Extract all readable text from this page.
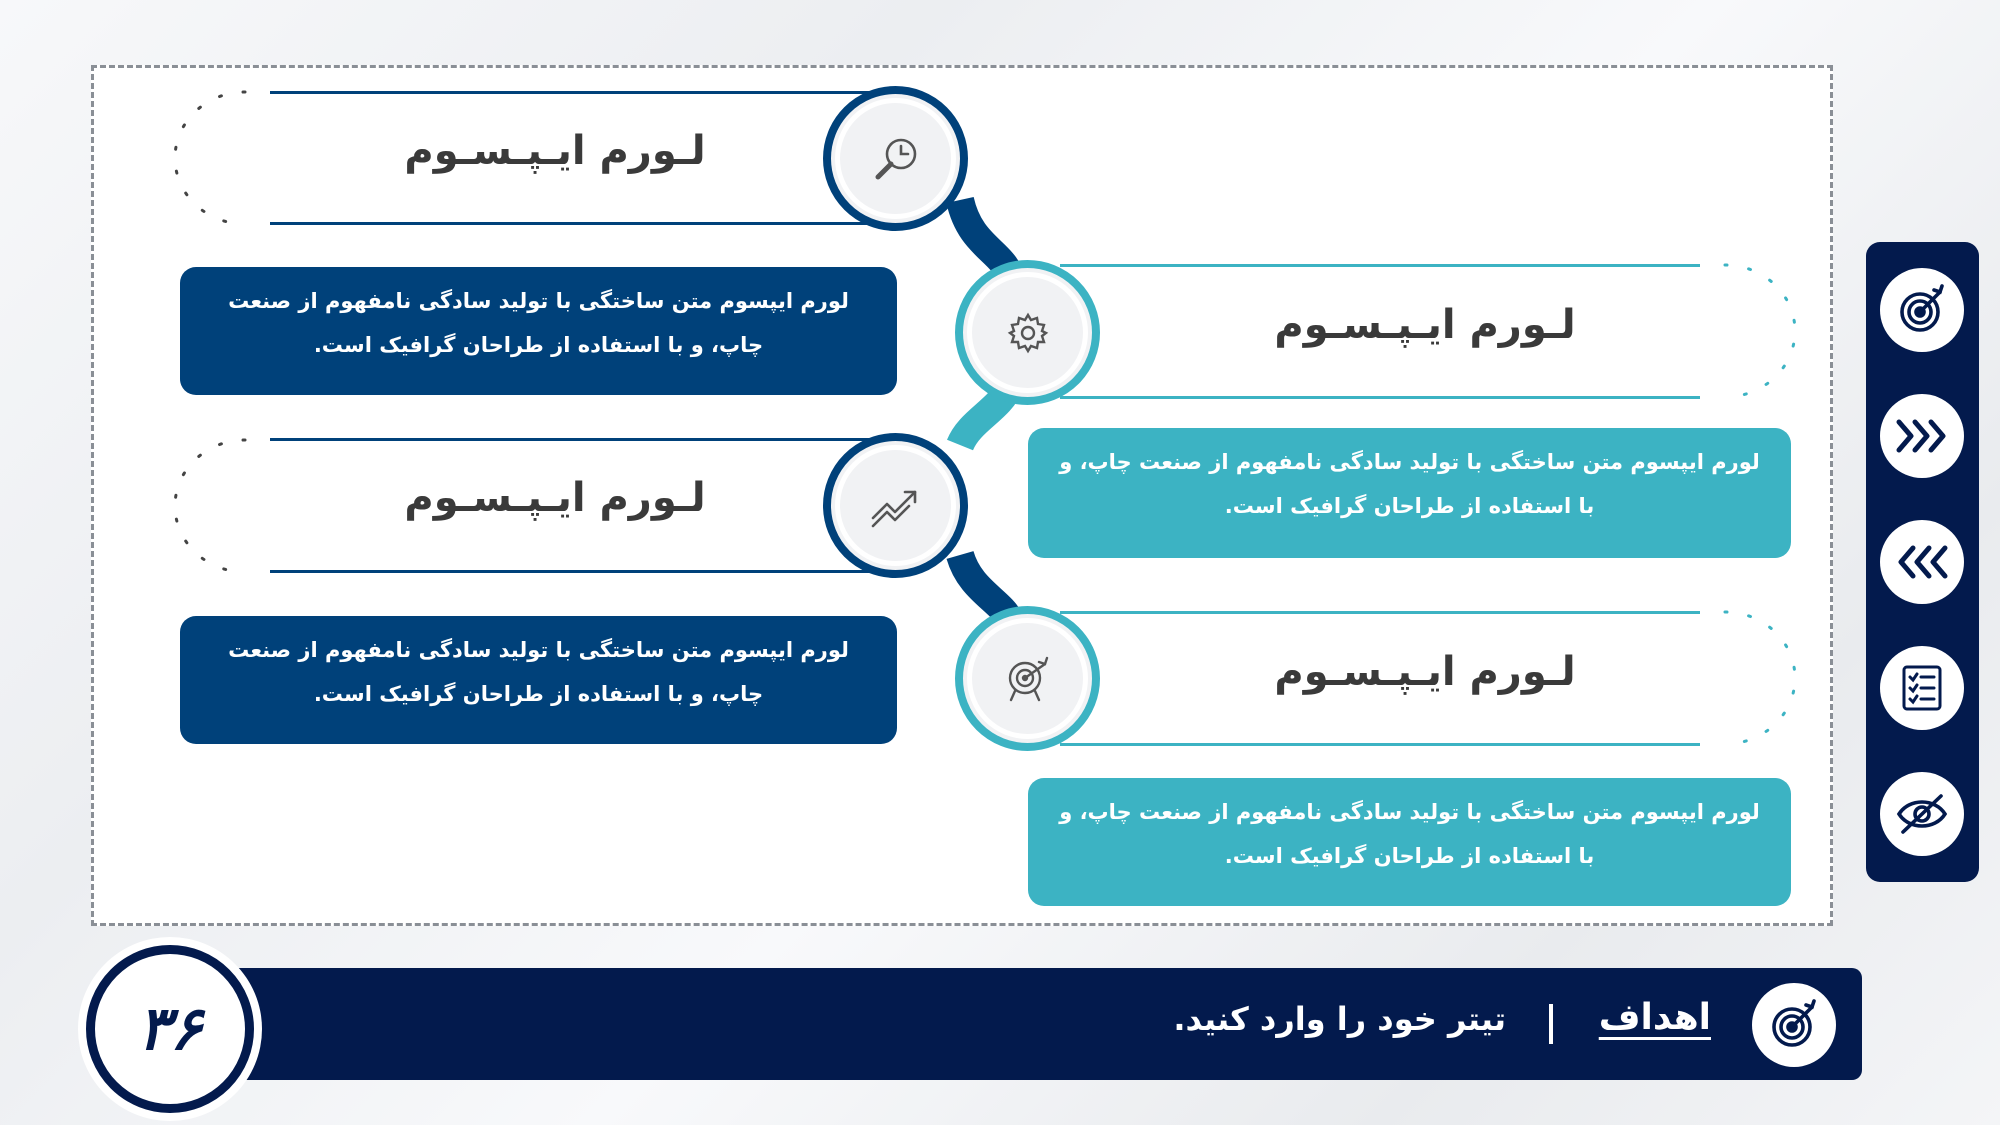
لـورم ایـپـسـوم
لورم ایپسوم متن ساختگی با تولید سادگی نامفهوم از صنعت چاپ، و با استفاده از طراحان گرافیک است.	لـورم ایـپـسـوم
لورم ایپسوم متن ساختگی با تولید سادگی نامفهوم از صنعت چاپ، و با استفاده از طراحان گرافیک است.
لـورم ایـپـسـوم
لورم ایپسوم متن ساختگی با تولید سادگی نامفهوم از صنعت چاپ، و با استفاده از طراحان گرافیک است.	لـورم ایـپـسـوم
لورم ایپسوم متن ساختگی با تولید سادگی نامفهوم از صنعت چاپ، و با استفاده از طراحان گرافیک است.
۳۶	اهداف
تیتر خود را وارد کنید.
